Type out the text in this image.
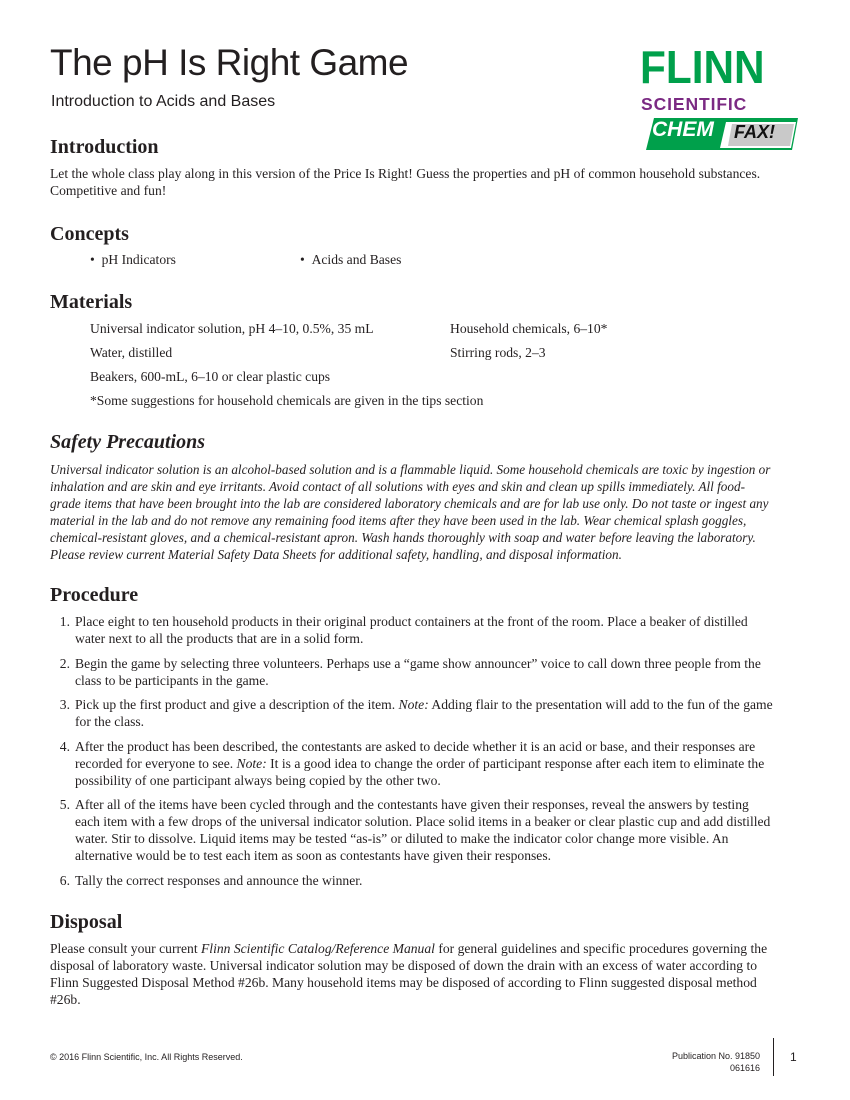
The pH Is Right Game
Introduction to Acids and Bases
FLINN
SCIENTIFIC
CHEM FAX!
Introduction
Let the whole class play along in this version of the Price Is Right! Guess the properties and pH of common household substances. Competitive and fun!
Concepts
•  pH Indicators	•  Acids and Bases
Materials
Universal indicator solution, pH 4–10, 0.5%, 35 mL
Water, distilled
Beakers, 600-mL, 6–10 or clear plastic cups
Household chemicals, 6–10*
Stirring rods, 2–3
*Some suggestions for household chemicals are given in the tips section
Safety Precautions
Universal indicator solution is an alcohol-based solution and is a flammable liquid. Some household chemicals are toxic by ingestion or inhalation and are skin and eye irritants. Avoid contact of all solutions with eyes and skin and clean up spills immediately. All food-grade items that have been brought into the lab are considered laboratory chemicals and are for lab use only. Do not taste or ingest any material in the lab and do not remove any remaining food items after they have been used in the lab. Wear chemical splash goggles, chemical-resistant gloves, and a chemical-resistant apron. Wash hands thoroughly with soap and water before leaving the laboratory. Please review current Material Safety Data Sheets for additional safety, handling, and disposal information.
Procedure
1. Place eight to ten household products in their original product containers at the front of the room. Place a beaker of distilled water next to all the products that are in a solid form.
2. Begin the game by selecting three volunteers. Perhaps use a “game show announcer” voice to call down three people from the class to be participants in the game.
3. Pick up the first product and give a description of the item. Note: Adding flair to the presentation will add to the fun of the game for the class.
4. After the product has been described, the contestants are asked to decide whether it is an acid or base, and their responses are recorded for everyone to see. Note: It is a good idea to change the order of participant response after each item to eliminate the possibility of one participant always being copied by the other two.
5. After all of the items have been cycled through and the contestants have given their responses, reveal the answers by testing each item with a few drops of the universal indicator solution. Place solid items in a beaker or clear plastic cup and add distilled water. Stir to dissolve. Liquid items may be tested “as-is” or diluted to make the indicator color change more visible. An alternative would be to test each item as soon as contestants have given their responses.
6. Tally the correct responses and announce the winner.
Disposal
Please consult your current Flinn Scientific Catalog/Reference Manual for general guidelines and specific procedures governing the disposal of laboratory waste. Universal indicator solution may be disposed of down the drain with an excess of water according to Flinn Suggested Disposal Method #26b. Many household items may be disposed of according to Flinn suggested disposal method #26b.
© 2016 Flinn Scientific, Inc. All Rights Reserved.	Publication No. 91850
061616
1
